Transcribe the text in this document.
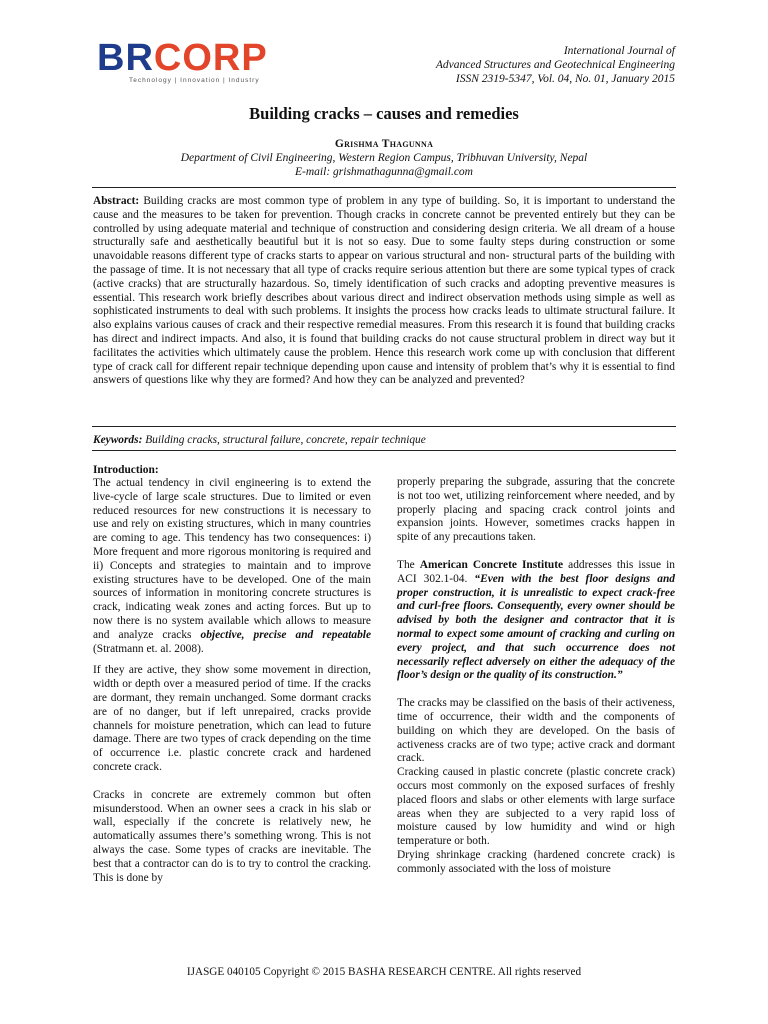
BRCORP
Technology | Innovation | Industry
International Journal of
Advanced Structures and Geotechnical Engineering
ISSN 2319-5347, Vol. 04, No. 01, January 2015
Building cracks – causes and remedies
Grishma Thagunna
Department of Civil Engineering, Western Region Campus, Tribhuvan University, Nepal
E-mail: grishmathagunna@gmail.com
Abstract: Building cracks are most common type of problem in any type of building. So, it is important to understand the cause and the measures to be taken for prevention. Though cracks in concrete cannot be prevented entirely but they can be controlled by using adequate material and technique of construction and considering design criteria. We all dream of a house structurally safe and aesthetically beautiful but it is not so easy. Due to some faulty steps during construction or some unavoidable reasons different type of cracks starts to appear on various structural and non- structural parts of the building with the passage of time. It is not necessary that all type of cracks require serious attention but there are some typical types of crack (active cracks) that are structurally hazardous. So, timely identification of such cracks and adopting preventive measures is essential. This research work briefly describes about various direct and indirect observation methods using simple as well as sophisticated instruments to deal with such problems. It insights the process how cracks leads to ultimate structural failure. It also explains various causes of crack and their respective remedial measures. From this research it is found that building cracks has direct and indirect impacts. And also, it is found that building cracks do not cause structural problem in direct way but it facilitates the activities which ultimately cause the problem. Hence this research work come up with conclusion that different type of crack call for different repair technique depending upon cause and intensity of problem that’s why it is essential to find answers of questions like why they are formed? And how they can be analyzed and prevented?
Keywords: Building cracks, structural failure, concrete, repair technique
Introduction:

The actual tendency in civil engineering is to extend the live-cycle of large scale structures. Due to limited or even reduced resources for new constructions it is necessary to use and rely on existing structures, which in many countries are coming to age. This tendency has two consequences: i) More frequent and more rigorous monitoring is required and ii) Concepts and strategies to maintain and to improve existing structures have to be developed. One of the main sources of information in monitoring concrete structures is crack, indicating weak zones and acting forces. But up to now there is no system available which allows to measure and analyze cracks objective, precise and repeatable (Stratmann et. al. 2008).

If they are active, they show some movement in direction, width or depth over a measured period of time. If the cracks are dormant, they remain unchanged. Some dormant cracks are of no danger, but if left unrepaired, cracks provide channels for moisture penetration, which can lead to future damage. There are two types of crack depending on the time of occurrence i.e. plastic concrete crack and hardened concrete crack.

Cracks in concrete are extremely common but often misunderstood. When an owner sees a crack in his slab or wall, especially if the concrete is relatively new, he automatically assumes there’s something wrong. This is not always the case. Some types of cracks are inevitable. The best that a contractor can do is to try to control the cracking. This is done by

properly preparing the subgrade, assuring that the concrete is not too wet, utilizing reinforcement where needed, and by properly placing and spacing crack control joints and expansion joints. However, sometimes cracks happen in spite of any precautions taken.

The American Concrete Institute addresses this issue in ACI 302.1-04. “Even with the best floor designs and proper construction, it is unrealistic to expect crack-free and curl-free floors. Consequently, every owner should be advised by both the designer and contractor that it is normal to expect some amount of cracking and curling on every project, and that such occurrence does not necessarily reflect adversely on either the adequacy of the floor’s design or the quality of its construction.”

The cracks may be classified on the basis of their activeness, time of occurrence, their width and the components of building on which they are developed. On the basis of activeness cracks are of two type; active crack and dormant crack.

Cracking caused in plastic concrete (plastic concrete crack) occurs most commonly on the exposed surfaces of freshly placed floors and slabs or other elements with large surface areas when they are subjected to a very rapid loss of moisture caused by low humidity and wind or high temperature or both.

Drying shrinkage cracking (hardened concrete crack) is commonly associated with the loss of moisture

IJASGE 040105 Copyright © 2015 BASHA RESEARCH CENTRE. All rights reserved
